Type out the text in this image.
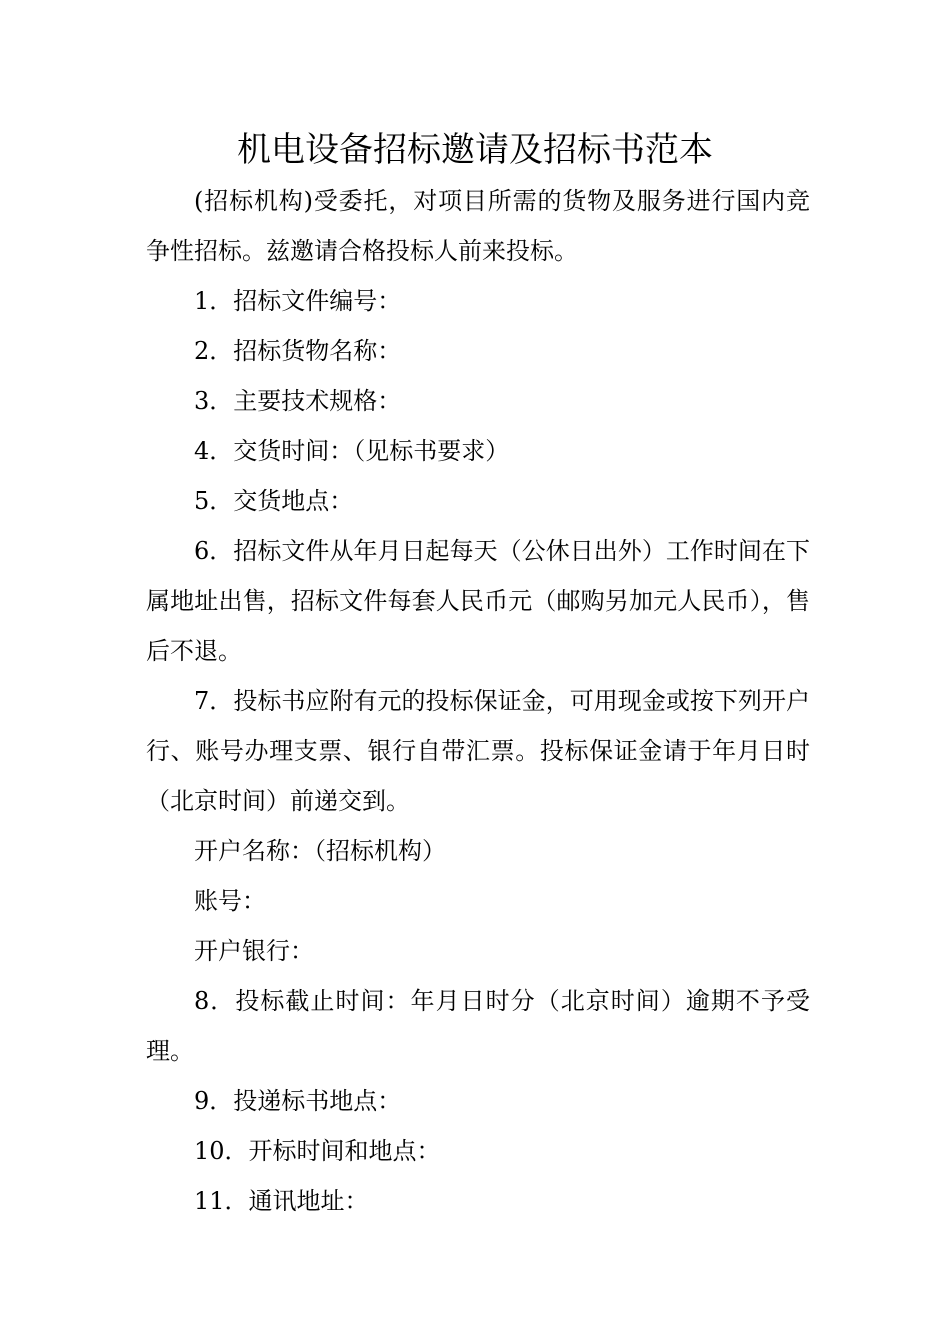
机电设备招标邀请及招标书范本

(招标机构)受委托，对项目所需的货物及服务进行国内竞争性招标。兹邀请合格投标人前来投标。

1．招标文件编号：

2．招标货物名称：

3．主要技术规格：

4．交货时间：（见标书要求）

5．交货地点：

6．招标文件从年月日起每天（公休日出外）工作时间在下属地址出售，招标文件每套人民币元（邮购另加元人民币），售后不退。

7．投标书应附有元的投标保证金，可用现金或按下列开户行、账号办理支票、银行自带汇票。投标保证金请于年月日时（北京时间）前递交到。

开户名称：（招标机构）

账号：

开户银行：

8．投标截止时间：年月日时分（北京时间）逾期不予受理。

9．投递标书地点：

10．开标时间和地点：

11．通讯地址：
